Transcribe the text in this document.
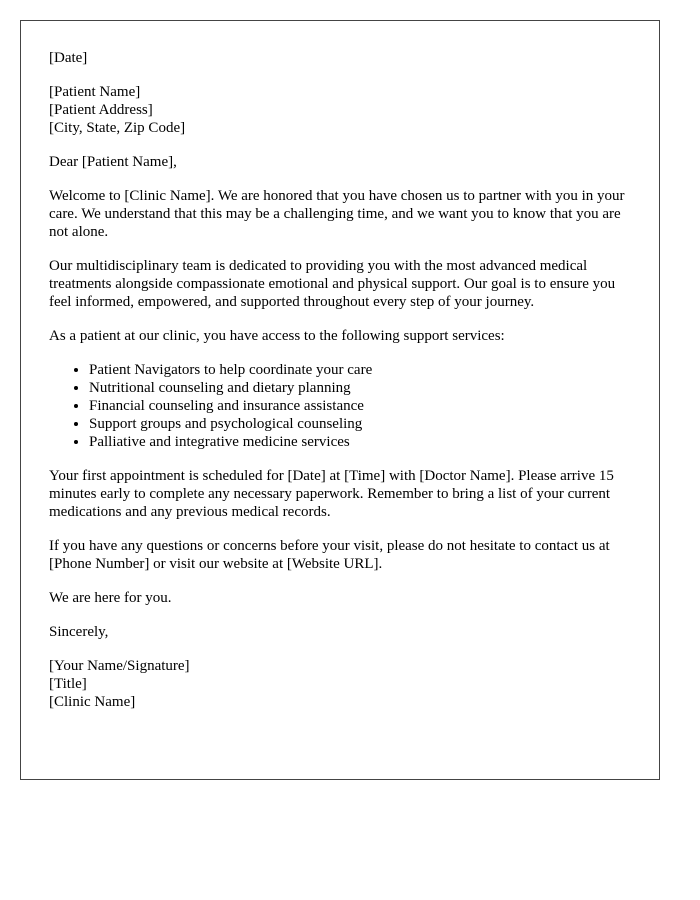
[Date]

[Patient Name]
[Patient Address]
[City, State, Zip Code]

Dear [Patient Name],

Welcome to [Clinic Name]. We are honored that you have chosen us to partner with you in your care. We understand that this may be a challenging time, and we want you to know that you are not alone.

Our multidisciplinary team is dedicated to providing you with the most advanced medical treatments alongside compassionate emotional and physical support. Our goal is to ensure you feel informed, empowered, and supported throughout every step of your journey.

As a patient at our clinic, you have access to the following support services:

• Patient Navigators to help coordinate your care
• Nutritional counseling and dietary planning
• Financial counseling and insurance assistance
• Support groups and psychological counseling
• Palliative and integrative medicine services

Your first appointment is scheduled for [Date] at [Time] with [Doctor Name]. Please arrive 15 minutes early to complete any necessary paperwork. Remember to bring a list of your current medications and any previous medical records.

If you have any questions or concerns before your visit, please do not hesitate to contact us at [Phone Number] or visit our website at [Website URL].

We are here for you.

Sincerely,

[Your Name/Signature]
[Title]
[Clinic Name]
